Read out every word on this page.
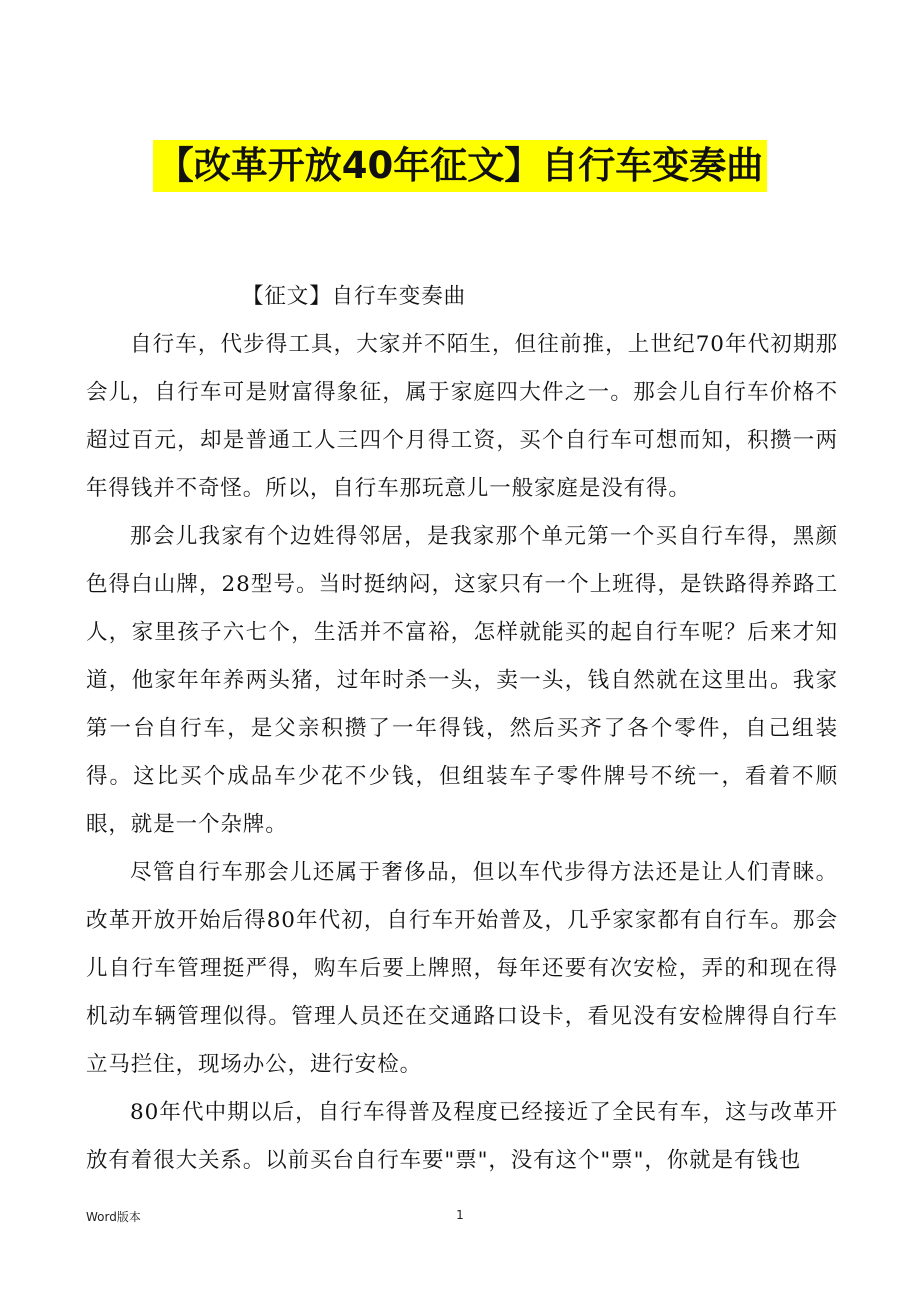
【改革开放40年征文】自行车变奏曲

【征文】自行车变奏曲

自行车，代步得工具，大家并不陌生，但往前推，上世纪70年代初期那会儿，自行车可是财富得象征，属于家庭四大件之一。那会儿自行车价格不超过百元，却是普通工人三四个月得工资，买个自行车可想而知，积攒一两年得钱并不奇怪。所以，自行车那玩意儿一般家庭是没有得。

那会儿我家有个边姓得邻居，是我家那个单元第一个买自行车得，黑颜色得白山牌，28型号。当时挺纳闷，这家只有一个上班得，是铁路得养路工人，家里孩子六七个，生活并不富裕，怎样就能买的起自行车呢？后来才知道，他家年年养两头猪，过年时杀一头，卖一头，钱自然就在这里出。我家第一台自行车，是父亲积攒了一年得钱，然后买齐了各个零件，自己组装得。这比买个成品车少花不少钱，但组装车子零件牌号不统一，看着不顺眼，就是一个杂牌。

尽管自行车那会儿还属于奢侈品，但以车代步得方法还是让人们青睐。改革开放开始后得80年代初，自行车开始普及，几乎家家都有自行车。那会儿自行车管理挺严得，购车后要上牌照，每年还要有次安检，弄的和现在得机动车辆管理似得。管理人员还在交通路口设卡，看见没有安检牌得自行车立马拦住，现场办公，进行安检。

80年代中期以后，自行车得普及程度已经接近了全民有车，这与改革开放有着很大关系。以前买台自行车要"票"，没有这个"票"，你就是有钱也

Word版本	1
